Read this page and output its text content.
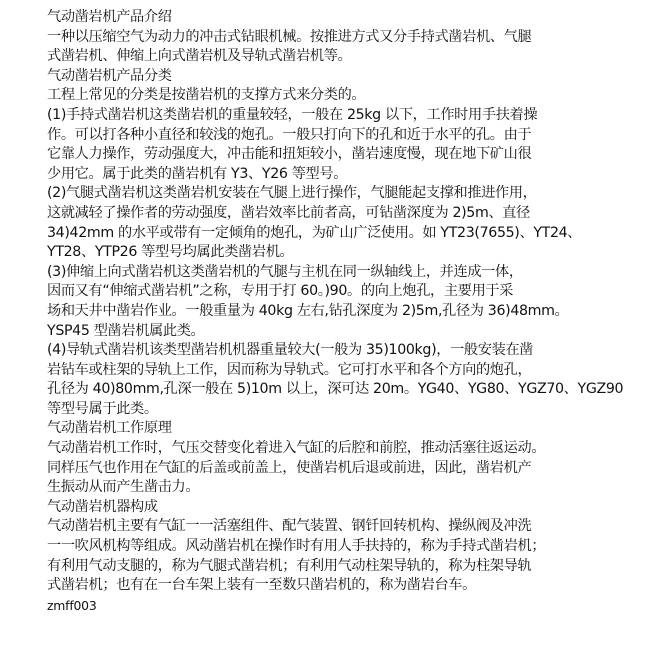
气动凿岩机产品介绍
一种以压缩空气为动力的冲击式钻眼机械。按推进方式又分手持式凿岩机、气腿
式凿岩机、伸缩上向式凿岩机及导轨式凿岩机等。
气动凿岩机产品分类
工程上常见的分类是按凿岩机的支撑方式来分类的。
(1)手持式凿岩机这类凿岩机的重量较轻，一般在 25kg 以下，工作时用手扶着操
作。可以打各种小直径和较浅的炮孔。一般只打向下的孔和近于水平的孔。由于
它靠人力操作，劳动强度大，冲击能和扭矩较小，凿岩速度慢，现在地下矿山很
少用它。属于此类的凿岩机有 Y3、Y26 等型号。
(2)气腿式凿岩机这类凿岩机安装在气腿上进行操作，气腿能起支撑和推进作用，
这就减轻了操作者的劳动强度，凿岩效率比前者高，可钻凿深度为 2)5m、直径
34)42mm 的水平或带有一定倾角的炮孔，为矿山广泛使用。如 YT23(7655)、YT24、
YT28、YTP26 等型号均属此类凿岩机。
(3)伸缩上向式凿岩机这类凿岩机的气腿与主机在同一纵轴线上，并连成一体，
因而又有“伸缩式凿岩机”之称，专用于打 60。)90。的向上炮孔，主要用于采
场和天井中凿岩作业。一般重量为 40kg 左右,钻孔深度为 2)5m,孔径为 36)48mm。
YSP45 型凿岩机属此类。
(4)导轨式凿岩机该类型凿岩机机器重量较大(一般为 35)100kg)，一般安装在凿
岩钻车或柱架的导轨上工作，因而称为导轨式。它可打水平和各个方向的炮孔，
孔径为 40)80mm,孔深一般在 5)10m 以上，深可达 20m。YG40、YG80、YGZ70、YGZ90
等型号属于此类。
气动凿岩机工作原理
气动凿岩机工作时，气压交替变化着进入气缸的后腔和前腔，推动活塞往返运动。
同样压气也作用在气缸的后盖或前盖上，使凿岩机后退或前进，因此，凿岩机产
生振动从而产生凿击力。
气动凿岩机器构成
气动凿岩机主要有气缸一一活塞组件、配气装置、钢钎回转机构、操纵阀及冲洗
一一吹风机构等组成。风动凿岩机在操作时有用人手扶持的，称为手持式凿岩机；
有利用气动支腿的，称为气腿式凿岩机；有利用气动柱架导轨的，称为柱架导轨
式凿岩机；也有在一台车架上装有一至数只凿岩机的，称为凿岩台车。
zmff003
